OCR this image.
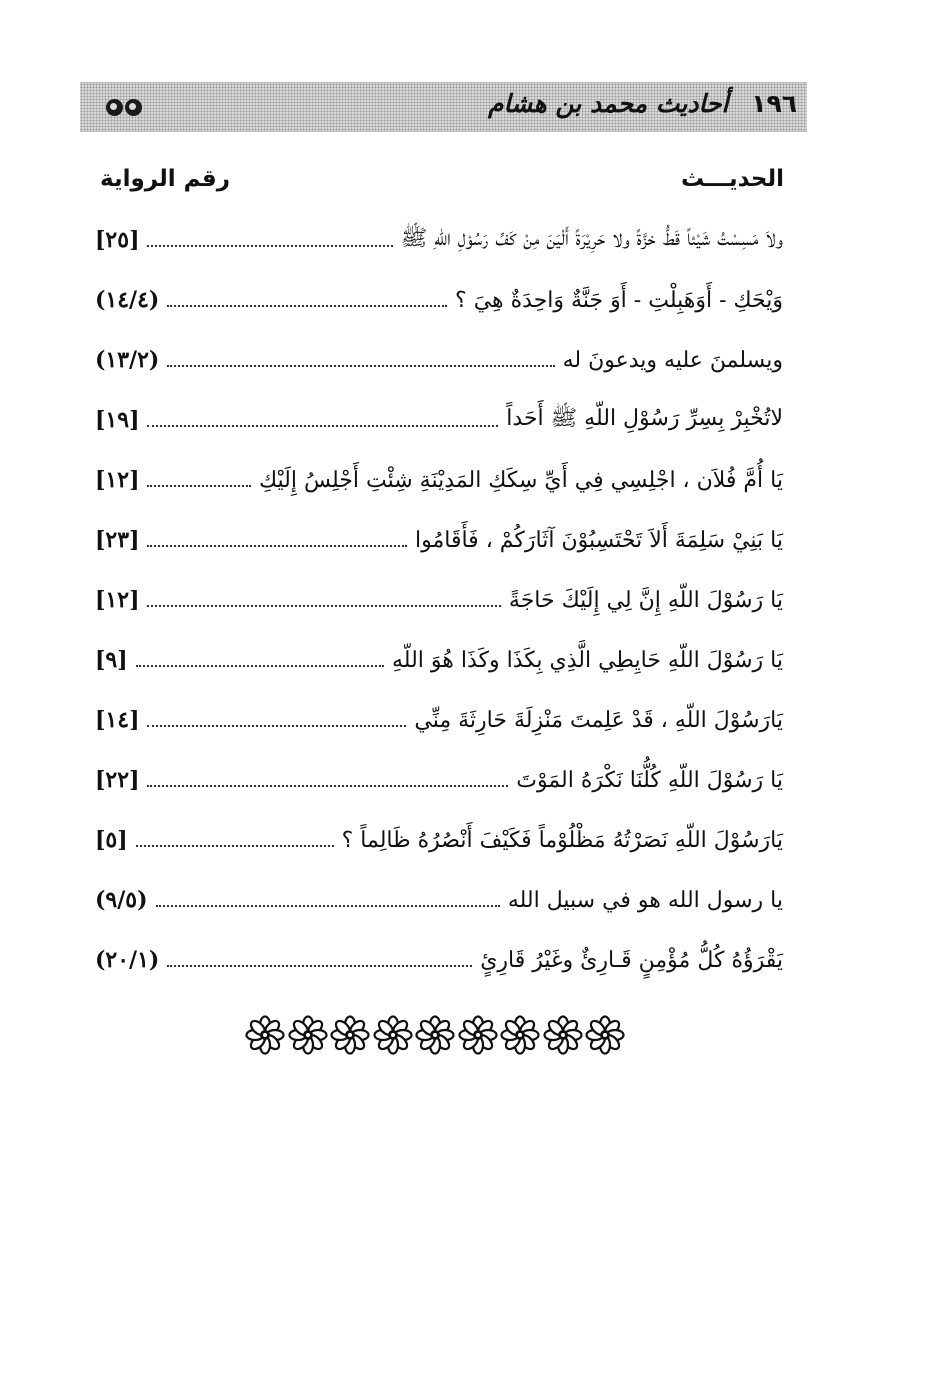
١٩٦ أحاديث محمد بن هشام
الحديـــث
رقم الرواية
ولاَ مَسِسْتُ شَيْئاً قَطُّ خزَّةً ولا حَرِيْرَةً أَلْيَنَ مِنْ كَفِّ رَسُوْلِ اللّهِ ﷺ
[٢٥]
وَيْحَكِ - أَوَهَبِلْتِ - أَوَ جَنَّةٌ وَاحِدَةٌ هِيَ ؟
(١٤/٤)
ويسلمنَ عليه ويدعونَ له
(١٣/٢)
لاتُخْبِرْ بِسِرِّ رَسُوْلِ اللّهِ ﷺ أَحَداً
[١٩]
يَا أُمَّ فُلاَن ، اجْلِسِي فِي أَيِّ سِكَكِ المَدِيْنَةِ شِئْتِ أَجْلِسُ إِلَيْكِ
[١٢]
يَا بَنِيْ سَلِمَةَ أَلاَ تَحْتَسِبُوْنَ آثَارَكُمْ ، فَأَقَامُوا
[٢٣]
يَا رَسُوْلَ اللّهِ إِنَّ لِي إِلَيْكَ حَاجَةً
[١٢]
يَا رَسُوْلَ اللّهِ حَايِطِي الَّذِي بِكَذَا وكَذَا هُوَ اللّهِ
[٩]
يَارَسُوْلَ اللّهِ ، قَدْ عَلِمتَ مَنْزِلَةَ حَارِثَةَ مِنِّي
[١٤]
يَا رَسُوْلَ اللّهِ كُلُّنَا نَكْرَهُ المَوْتَ
[٢٢]
يَارَسُوْلَ اللّهِ نَصَرْتُهُ مَظْلُوْماً فَكَيْفَ أَنْصُرُهُ ظَالِماً ؟
[٥]
يا رسول الله هو في سبيل الله
(٩/٥)
يَقْرَؤُهُ كُلُّ مُؤْمِنٍ قَـارِئٌ وغَيْرُ قَارِئٍ
(٢٠/١)
